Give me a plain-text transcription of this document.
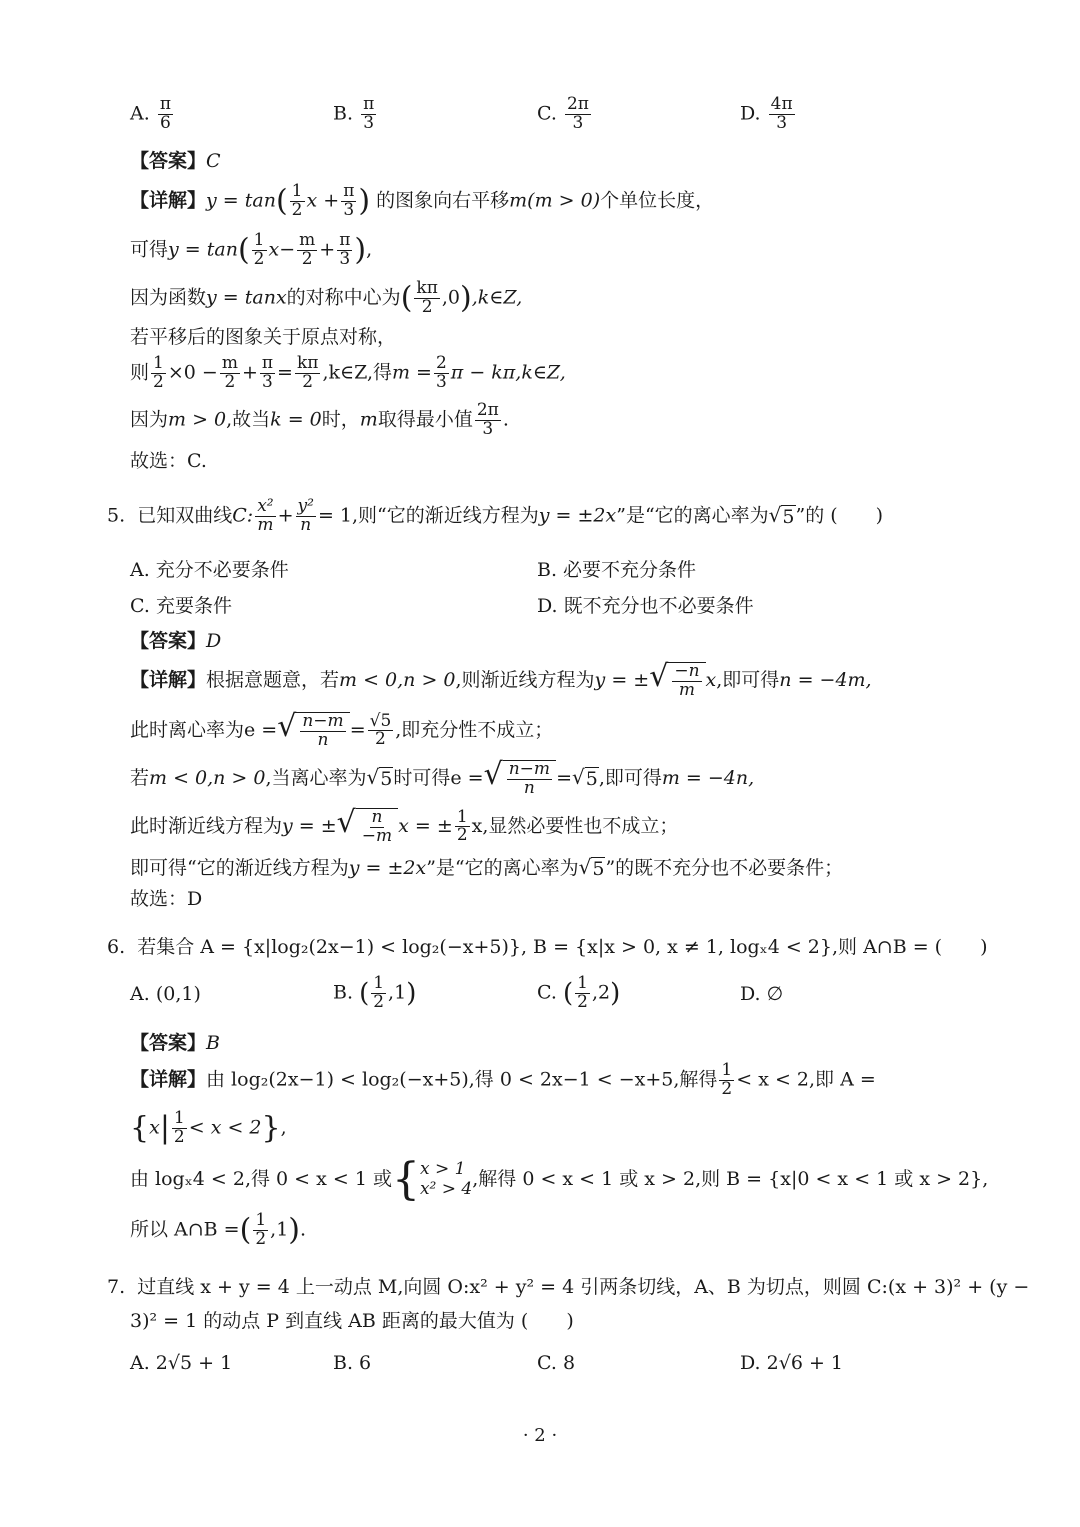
A. $\frac{\pi}{6}$	B. $\frac{\pi}{3}$	C. $\frac{2\pi}{3}$	D. $\frac{4\pi}{3}$
【答案】C
【详解】$y = \tan( \frac{1}{2}$ $x + \frac{\pi}{3}$ ) 的图象向右平移m(m > 0)个单位长度，
可得$y = \tan( \frac{1}{2} x- \frac{m}{2} + \frac{\pi}{3}$ ),
因为函数y = tanx的对称中心为( $\frac{k\pi}{2}$ ,0),k∈Z,
若平移后的图象关于原点对称，
则 $\frac{1}{2} \times 0 - \frac{m}{2} + \frac{\pi}{3} = \frac{k\pi}{2}$ ,k∈Z,得$m = \frac{2}{3}$ π − kπ,k∈Z,
因为m > 0,故当k = 0时，m取得最小值 $\frac{2\pi}{3}$ .
故选：C.
5. 已知双曲线C: $\frac{\text{x²}}{m} + \frac{\text{y²}}{n} = 1$,则“它的渐近线方程为y = ±2x”是“它的离心率为 √ 5 ”的 (　　)
A. 充分不必要条件	B. 必要不充分条件
C. 充要条件	D. 既不充分也不必要条件
【答案】D
【详解】根据意题意，若m < 0,n > 0,则渐近线方程为y = ± √ −n
m x,即可得n = −4m,
此时离心率为e = √ n−m
$n = \frac{√5}{2}$ ,即充分性不成立；
若m < 0,n > 0,当离心率为 √ 5 时可得e = √ n−m
n = √ 5 ,即可得m = −4n,
此时渐近线方程为y = ± √ n
−m x = ± $\frac{1}{2} x$,显然必要性也不成立；
即可得“它的渐近线方程为y = ±2x”是“它的离心率为 √ 5 ”的既不充分也不必要条件；
故选：D
6. 若集合 A = {x|log₂(2x−1) < log₂(−x+5)}, B = {x|x > 0, x ≠ 1, logₓ4 < 2},则 A∩B = (　　)
A. (0,1)	B. ( $\frac{1}{2} ,1$)	C. ( $\frac{1}{2} ,2$)	D. ∅
【答案】B
【详解】由 log₂(2x−1) < log₂(−x+5),得 0 < 2x−1 < −x+5,解得 $\frac{1}{2} < x < 2$,即 A =
$\{x| \frac{1}{2} < x < 2\}$,
由 logₓ4 < 2,得 0 < x < 1 或 { x > 1
x² > 4 ,解得 0 < x < 1 或 x > 2,则 B = {x|0 < x < 1 或 x > 2},
所以 A∩B =( $\frac{1}{2} ,1$).
7. 过直线 x + y = 4 上一动点 M,向圆 O:x² + y² = 4 引两条切线，A、B 为切点，则圆 C:(x + 3)² + (y −
3)² = 1 的动点 P 到直线 AB 距离的最大值为 (　　)
A. 2√5 + 1	B. 6	C. 8	D. 2√6 + 1
· 2 ·
